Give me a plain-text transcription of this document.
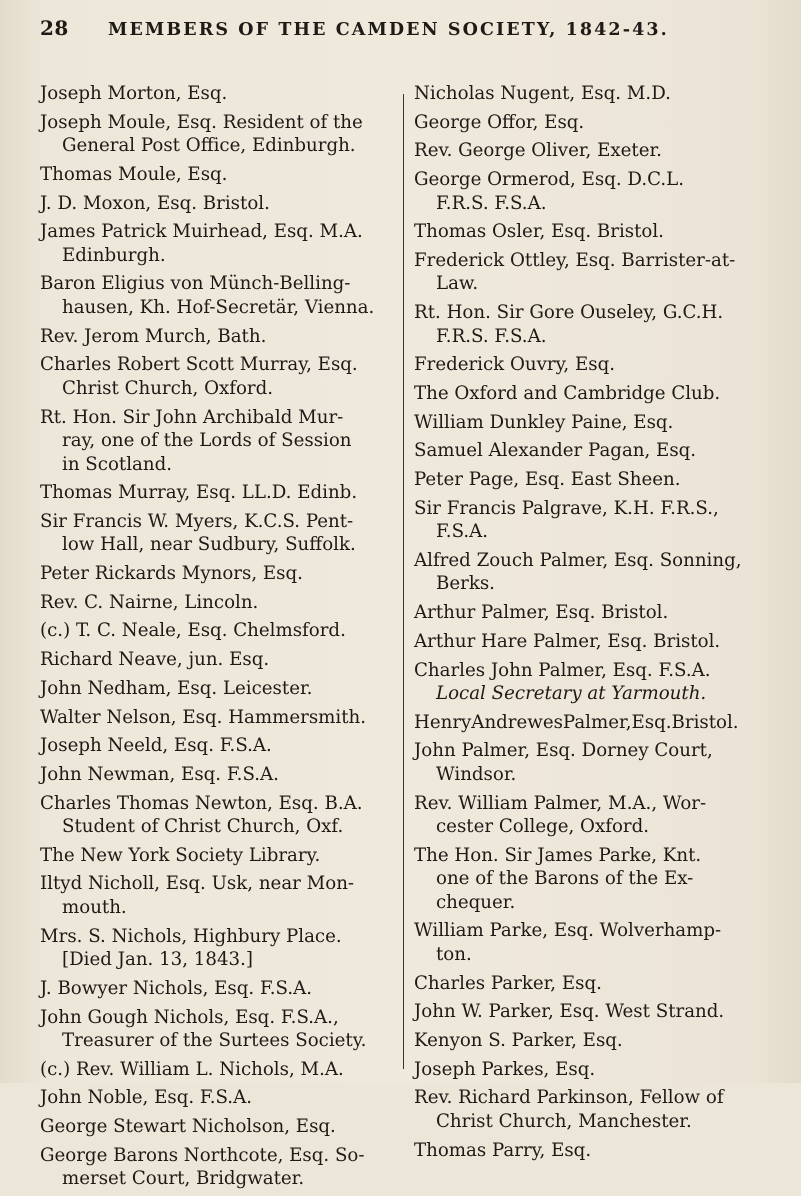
28	MEMBERS OF THE CAMDEN SOCIETY, 1842-43.
Joseph Morton, Esq.
Joseph Moule, Esq. Resident of the
General Post Office, Edinburgh.
Thomas Moule, Esq.
J. D. Moxon, Esq. Bristol.
James Patrick Muirhead, Esq. M.A.
Edinburgh.
Baron Eligius von Münch-Belling-
hausen, Kh. Hof-Secretär, Vienna.
Rev. Jerom Murch, Bath.
Charles Robert Scott Murray, Esq.
Christ Church, Oxford.
Rt. Hon. Sir John Archibald Mur-
ray, one of the Lords of Session
in Scotland.
Thomas Murray, Esq. LL.D. Edinb.
Sir Francis W. Myers, K.C.S. Pent-
low Hall, near Sudbury, Suffolk.
Peter Rickards Mynors, Esq.
Rev. C. Nairne, Lincoln.
(c.) T. C. Neale, Esq. Chelmsford.
Richard Neave, jun. Esq.
John Nedham, Esq. Leicester.
Walter Nelson, Esq. Hammersmith.
Joseph Neeld, Esq. F.S.A.
John Newman, Esq. F.S.A.
Charles Thomas Newton, Esq. B.A.
Student of Christ Church, Oxf.
The New York Society Library.
Iltyd Nicholl, Esq. Usk, near Mon-
mouth.
Mrs. S. Nichols, Highbury Place.
[Died Jan. 13, 1843.]
J. Bowyer Nichols, Esq. F.S.A.
John Gough Nichols, Esq. F.S.A.,
Treasurer of the Surtees Society.
(c.) Rev. William L. Nichols, M.A.
John Noble, Esq. F.S.A.
George Stewart Nicholson, Esq.
George Barons Northcote, Esq. So-
merset Court, Bridgwater.
Nicholas Nugent, Esq. M.D.
George Offor, Esq.
Rev. George Oliver, Exeter.
George Ormerod, Esq. D.C.L.
F.R.S. F.S.A.
Thomas Osler, Esq. Bristol.
Frederick Ottley, Esq. Barrister-at-
Law.
Rt. Hon. Sir Gore Ouseley, G.C.H.
F.R.S. F.S.A.
Frederick Ouvry, Esq.
The Oxford and Cambridge Club.
William Dunkley Paine, Esq.
Samuel Alexander Pagan, Esq.
Peter Page, Esq. East Sheen.
Sir Francis Palgrave, K.H. F.R.S.,
F.S.A.
Alfred Zouch Palmer, Esq. Sonning,
Berks.
Arthur Palmer, Esq. Bristol.
Arthur Hare Palmer, Esq. Bristol.
Charles John Palmer, Esq. F.S.A.
Local Secretary at Yarmouth.
HenryAndrewesPalmer,Esq.Bristol.
John Palmer, Esq. Dorney Court,
Windsor.
Rev. William Palmer, M.A., Wor-
cester College, Oxford.
The Hon. Sir James Parke, Knt.
one of the Barons of the Ex-
chequer.
William Parke, Esq. Wolverhamp-
ton.
Charles Parker, Esq.
John W. Parker, Esq. West Strand.
Kenyon S. Parker, Esq.
Joseph Parkes, Esq.
Rev. Richard Parkinson, Fellow of
Christ Church, Manchester.
Thomas Parry, Esq.
